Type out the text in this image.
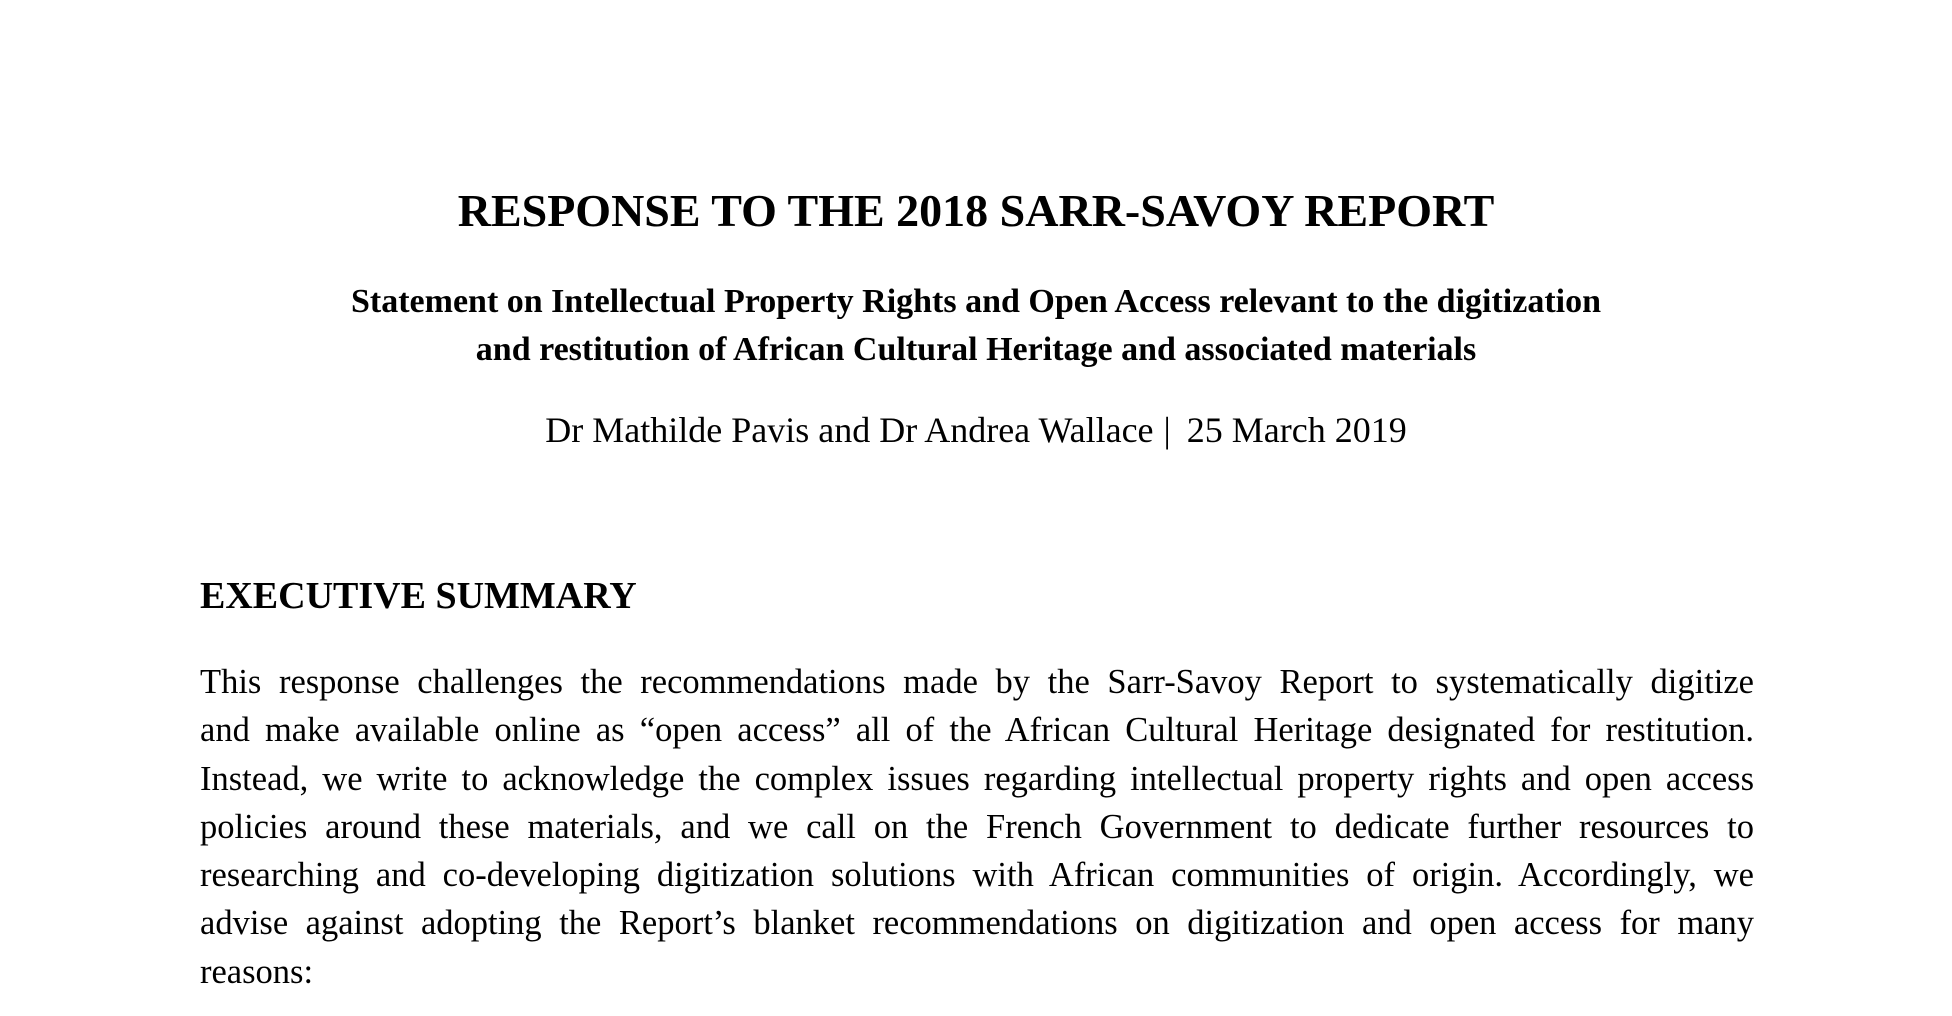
RESPONSE TO THE 2018 SARR-SAVOY REPORT
Statement on Intellectual Property Rights and Open Access relevant to the digitization
and restitution of African Cultural Heritage and associated materials
Dr Mathilde Pavis and Dr Andrea Wallace | 25 March 2019
EXECUTIVE SUMMARY
This response challenges the recommendations made by the Sarr-Savoy Report to systematically digitize
and make available online as “open access” all of the African Cultural Heritage designated for restitution.
Instead, we write to acknowledge the complex issues regarding intellectual property rights and open access
policies around these materials, and we call on the French Government to dedicate further resources to
researching and co-developing digitization solutions with African communities of origin. Accordingly, we
advise against adopting the Report’s blanket recommendations on digitization and open access for many
reasons:
